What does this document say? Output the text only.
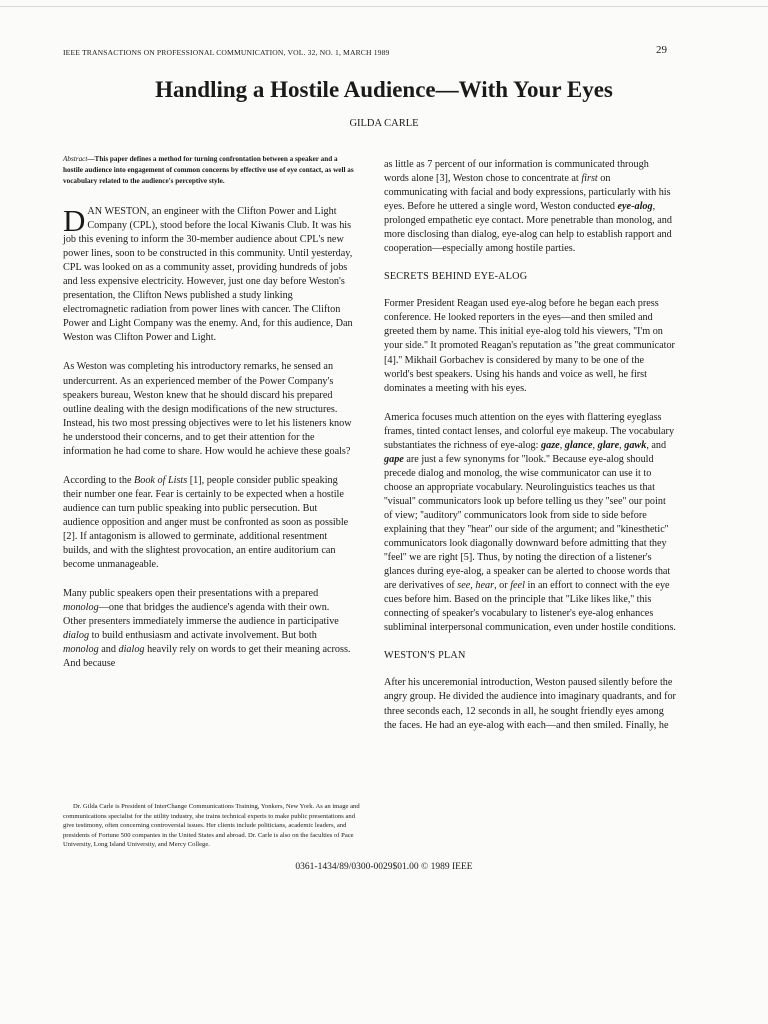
IEEE TRANSACTIONS ON PROFESSIONAL COMMUNICATION, VOL. 32, NO. 1, MARCH 1989	29
Handling a Hostile Audience—With Your Eyes
GILDA CARLE

Abstract—This paper defines a method for turning confrontation between a speaker and a hostile audience into engagement of common concerns by effective use of eye contact, as well as vocabulary related to the audience's perceptive style.

DAN WESTON, an engineer with the Clifton Power and Light Company (CPL), stood before the local Kiwanis Club. It was his job this evening to inform the 30-member audience about CPL's new power lines, soon to be constructed in this community. Until yesterday, CPL was looked on as a community asset, providing hundreds of jobs and less expensive electricity. However, just one day before Weston's presentation, the Clifton News published a study linking electromagnetic radiation from power lines with cancer. The Clifton Power and Light Company was the enemy. And, for this audience, Dan Weston was Clifton Power and Light.

As Weston was completing his introductory remarks, he sensed an undercurrent. As an experienced member of the Power Company's speakers bureau, Weston knew that he should discard his prepared outline dealing with the design modifications of the new structures. Instead, his two most pressing objectives were to let his listeners know he understood their concerns, and to get their attention for the information he had come to share. How would he achieve these goals?

According to the Book of Lists [1], people consider public speaking their number one fear. Fear is certainly to be expected when a hostile audience can turn public speaking into public persecution. But audience opposition and anger must be confronted as soon as possible [2]. If antagonism is allowed to germinate, additional resentment builds, and with the slightest provocation, an entire auditorium can become unmanageable.

Many public speakers open their presentations with a prepared monolog—one that bridges the audience's agenda with their own. Other presenters immediately immerse the audience in participative dialog to build enthusiasm and activate involvement. But both monolog and dialog heavily rely on words to get their meaning across. And because

Dr. Gilda Carle is President of InterChange Communications Training, Yonkers, New York. As an image and communications specialist for the utility industry, she trains technical experts to make public presentations and give testimony, often concerning controversial issues. Her clients include politicians, academic leaders, and presidents of Fortune 500 companies in the United States and abroad. Dr. Carle is also on the faculties of Pace University, Long Island University, and Mercy College.

as little as 7 percent of our information is communicated through words alone [3], Weston chose to concentrate at first on communicating with facial and body expressions, particularly with his eyes. Before he uttered a single word, Weston conducted eye-alog, prolonged empathetic eye contact. More penetrable than monolog, and more disclosing than dialog, eye-alog can help to establish rapport and cooperation—especially among hostile parties.

SECRETS BEHIND EYE-ALOG

Former President Reagan used eye-alog before he began each press conference. He looked reporters in the eyes—and then smiled and greeted them by name. This initial eye-alog told his viewers, ''I'm on your side.'' It promoted Reagan's reputation as ''the great communicator [4].'' Mikhail Gorbachev is considered by many to be one of the world's best speakers. Using his hands and voice as well, he first dominates a meeting with his eyes.

America focuses much attention on the eyes with flattering eyeglass frames, tinted contact lenses, and colorful eye makeup. The vocabulary substantiates the richness of eye-alog: gaze, glance, glare, gawk, and gape are just a few synonyms for ''look.'' Because eye-alog should precede dialog and monolog, the wise communicator can use it to choose an appropriate vocabulary. Neurolinguistics teaches us that ''visual'' communicators look up before telling us they ''see'' our point of view; ''auditory'' communicators look from side to side before explaining that they ''hear'' our side of the argument; and ''kinesthetic'' communicators look diagonally downward before admitting that they ''feel'' we are right [5]. Thus, by noting the direction of a listener's glances during eye-alog, a speaker can be alerted to choose words that are derivatives of see, hear, or feel in an effort to connect with the eye cues before him. Based on the principle that ''Like likes like,'' this connecting of speaker's vocabulary to listener's eye-alog enhances subliminal interpersonal communication, even under hostile conditions.

WESTON'S PLAN

After his unceremonial introduction, Weston paused silently before the angry group. He divided the audience into imaginary quadrants, and for three seconds each, 12 seconds in all, he sought friendly eyes among the faces. He had an eye-alog with each—and then smiled. Finally, he

0361-1434/89/0300-0029$01.00 © 1989 IEEE
